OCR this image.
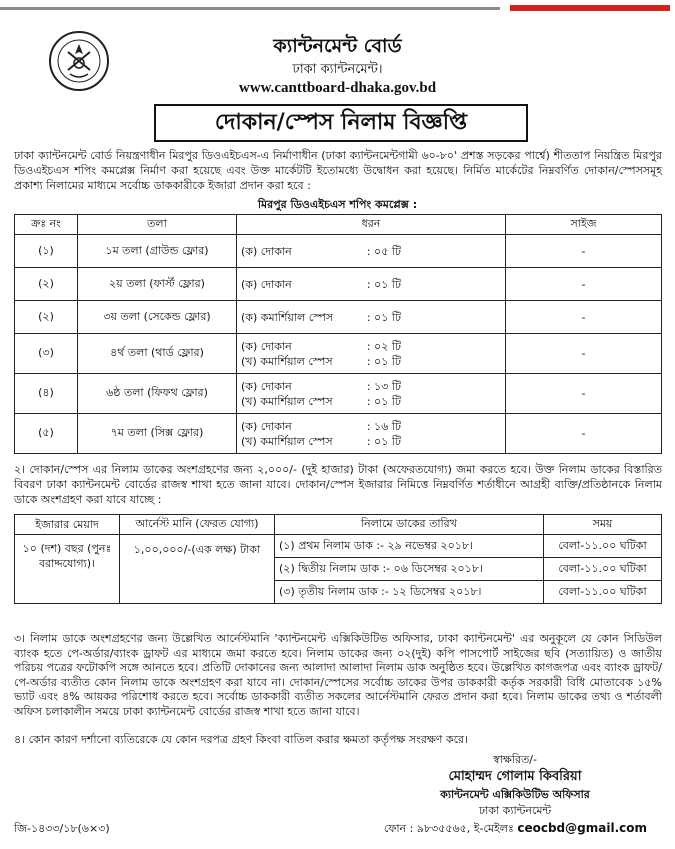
ক্যান্টনমেন্ট বোর্ড
ঢাকা ক্যান্টনমেন্ট।
www.canttboard-dhaka.gov.bd
দোকান/স্পেস নিলাম বিজ্ঞপ্তি
ঢাকা ক্যান্টনমেন্ট বোর্ড নিয়ন্ত্রণাধীন মিরপুর ডিওএইচএস-এ নির্মাণাধীন (ঢাকা ক্যান্টনমেন্টগামী ৬০-৮০' প্রশস্ত সড়কের পার্শ্বে) শীততাপ নিয়ন্ত্রিত মিরপুর ডিওএইচএস শপিং কমপ্লেক্স নির্মাণ করা হয়েছে এবং উক্ত মার্কেটটি ইতোমধ্যে উদ্বোধন করা হয়েছে। নির্মিত মার্কেটের নিম্নবর্ণিত দোকান/স্পেসসমূহ প্রকাশ্য নিলামের মাধ্যমে সর্বোচ্চ ডাককারীকে ইজারা প্রদান করা হবে :
মিরপুর ডিওএইচএস শপিং কমপ্লেক্স :
ক্রঃ নং	তলা	ধরন	সাইজ
(১)	১ম তলা (গ্রাউন্ড ফ্লোর)	(ক) দোকান : ০৫ টি	-
(২)	২য় তলা (ফার্স্ট ফ্লোর)	(ক) দোকান : ০১ টি	-
(২)	৩য় তলা (সেকেন্ড ফ্লোর)	(ক) কমার্শিয়াল স্পেস : ০১ টি	-
(৩)	৪র্থ তলা (থার্ড ফ্লোর)	(ক) দোকান : ০২ টি
(খ) কমার্শিয়াল স্পেস : ০১ টি	-
(৪)	৬ষ্ঠ তলা (ফিফথ ফ্লোর)	(ক) দোকান : ১৩ টি
(খ) কমার্শিয়াল স্পেস : ০১ টি	-
(৫)	৭ম তলা (সিক্স ফ্লোর)	(ক) দোকান : ১৬ টি
(খ) কমার্শিয়াল স্পেস : ০১ টি	-
২। দোকান/স্পেস এর নিলাম ডাকের অংশগ্রহণের জন্য ২,০০০/- (দুই হাজার) টাকা (অফেরতযোগ্য) জমা করতে হবে। উক্ত নিলাম ডাকের বিস্তারিত বিবরণ ঢাকা ক্যান্টনমেন্ট বোর্ডের রাজস্ব শাখা হতে জানা যাবে। দোকান/স্পেস ইজারার নিমিত্তে নিম্নবর্ণিত শর্তাধীনে আগ্রহী ব্যক্তি/প্রতিষ্ঠানকে নিলাম ডাকে অংশগ্রহণ করা যাবে যাচ্ছে :
ইজারার মেয়াদ	আর্নেস্ট মানি (ফেরত যোগ্য)	নিলামে ডাকের তারিখ	সময়
১০ (দশ) বছর (পুনঃ বরাদ্দযোগ্য)।	১,০০,০০০/-(এক লক্ষ) টাকা	(১) প্রথম নিলাম ডাক :- ২৯ নভেম্বর ২০১৮।	বেলা-১১.০০ ঘটিকা
		(২) দ্বিতীয় নিলাম ডাক :- ০৬ ডিসেম্বর ২০১৮।	বেলা-১১.০০ ঘটিকা
		(৩) তৃতীয় নিলাম ডাক :- ১২ ডিসেম্বর ২০১৮।	বেলা-১১.০০ ঘটিকা
৩। নিলাম ডাকে অংশগ্রহণের জন্য উল্লেখিত আর্নেস্টমানি 'ক্যান্টনমেন্ট এক্সিকিউটিভ অফিসার, ঢাকা ক্যান্টনমেন্ট' এর অনুকূলে যে কোন সিডিউল ব্যাংক হতে পে-অর্ডার/ব্যাংক ড্রাফট এর মাধ্যমে জমা করতে হবে। নিলাম ডাকের জন্য ০২(দুই) কপি পাসপোর্ট সাইজের ছবি (সত্যায়িত) ও জাতীয় পরিচয় পত্রের ফটোকপি সঙ্গে আনতে হবে। প্রতিটি দোকানের জন্য আলাদা আলাদা নিলাম ডাক অনুষ্ঠিত হবে। উল্লেখিত কাগজপত্র এবং ব্যাংক ড্রাফট/পে-অর্ডার ব্যতীত কোন নিলাম ডাকে অংশগ্রহণ করা যাবে না। দোকান/স্পেসের সর্বোচ্চ ডাকের উপর ডাককারী কর্তৃক সরকারী বিধি মোতাবেক ১৫% ভ্যাট এবং ৪% আয়কর পরিশোধ করতে হবে। সর্বোচ্চ ডাককারী ব্যতীত সকলের আর্নেস্টমানি ফেরত প্রদান করা হবে। নিলাম ডাকের তথ্য ও শর্তাবলী অফিস চলাকালীন সময়ে ঢাকা ক্যান্টনমেন্ট বোর্ডের রাজস্ব শাখা হতে জানা যাবে।
৪। কোন কারণ দর্শানো ব্যতিরেকে যে কোন দরপত্র গ্রহণ কিংবা বাতিল করার ক্ষমতা কর্তৃপক্ষ সংরক্ষণ করে।
স্বাক্ষরিত/-
মোহাম্মদ গোলাম কিবরিয়া
ক্যান্টনমেন্ট এক্সিকিউটিভ অফিসার
ঢাকা ক্যান্টনমেন্ট
জি-১৪৩৩/১৮(৬×৩)	ফোন : ৯৮৩৫৫৬৫, ই-মেইলঃ ceocbd@gmail.com
